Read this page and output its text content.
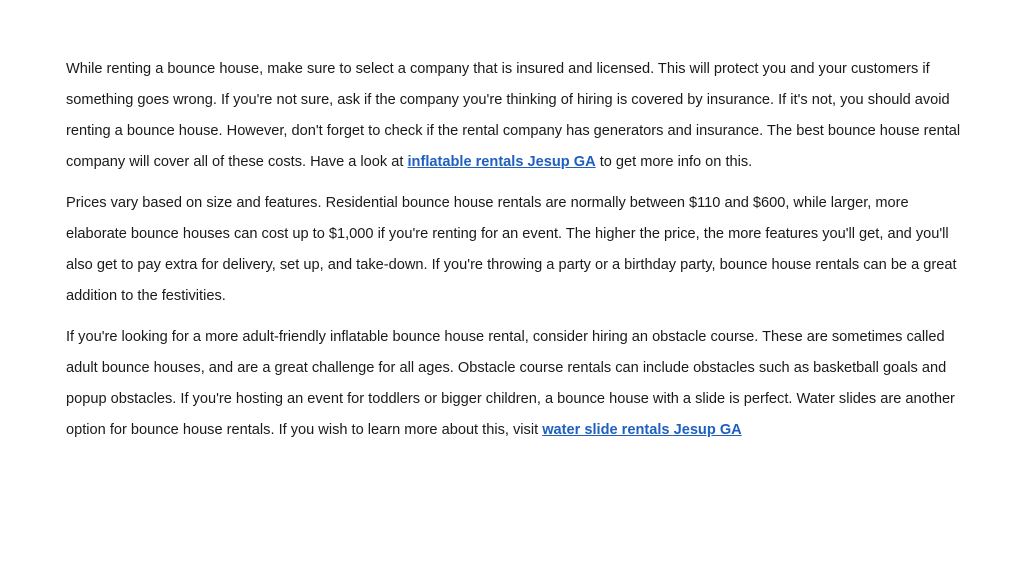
While renting a bounce house, make sure to select a company that is insured and licensed. This will protect you and your customers if something goes wrong. If you're not sure, ask if the company you're thinking of hiring is covered by insurance. If it's not, you should avoid renting a bounce house. However, don't forget to check if the rental company has generators and insurance. The best bounce house rental company will cover all of these costs. Have a look at inflatable rentals Jesup GA to get more info on this.

Prices vary based on size and features. Residential bounce house rentals are normally between $110 and $600, while larger, more elaborate bounce houses can cost up to $1,000 if you're renting for an event. The higher the price, the more features you'll get, and you'll also get to pay extra for delivery, set up, and take-down. If you're throwing a party or a birthday party, bounce house rentals can be a great addition to the festivities.

If you're looking for a more adult-friendly inflatable bounce house rental, consider hiring an obstacle course. These are sometimes called adult bounce houses, and are a great challenge for all ages. Obstacle course rentals can include obstacles such as basketball goals and popup obstacles. If you're hosting an event for toddlers or bigger children, a bounce house with a slide is perfect. Water slides are another option for bounce house rentals. If you wish to learn more about this, visit water slide rentals Jesup GA
